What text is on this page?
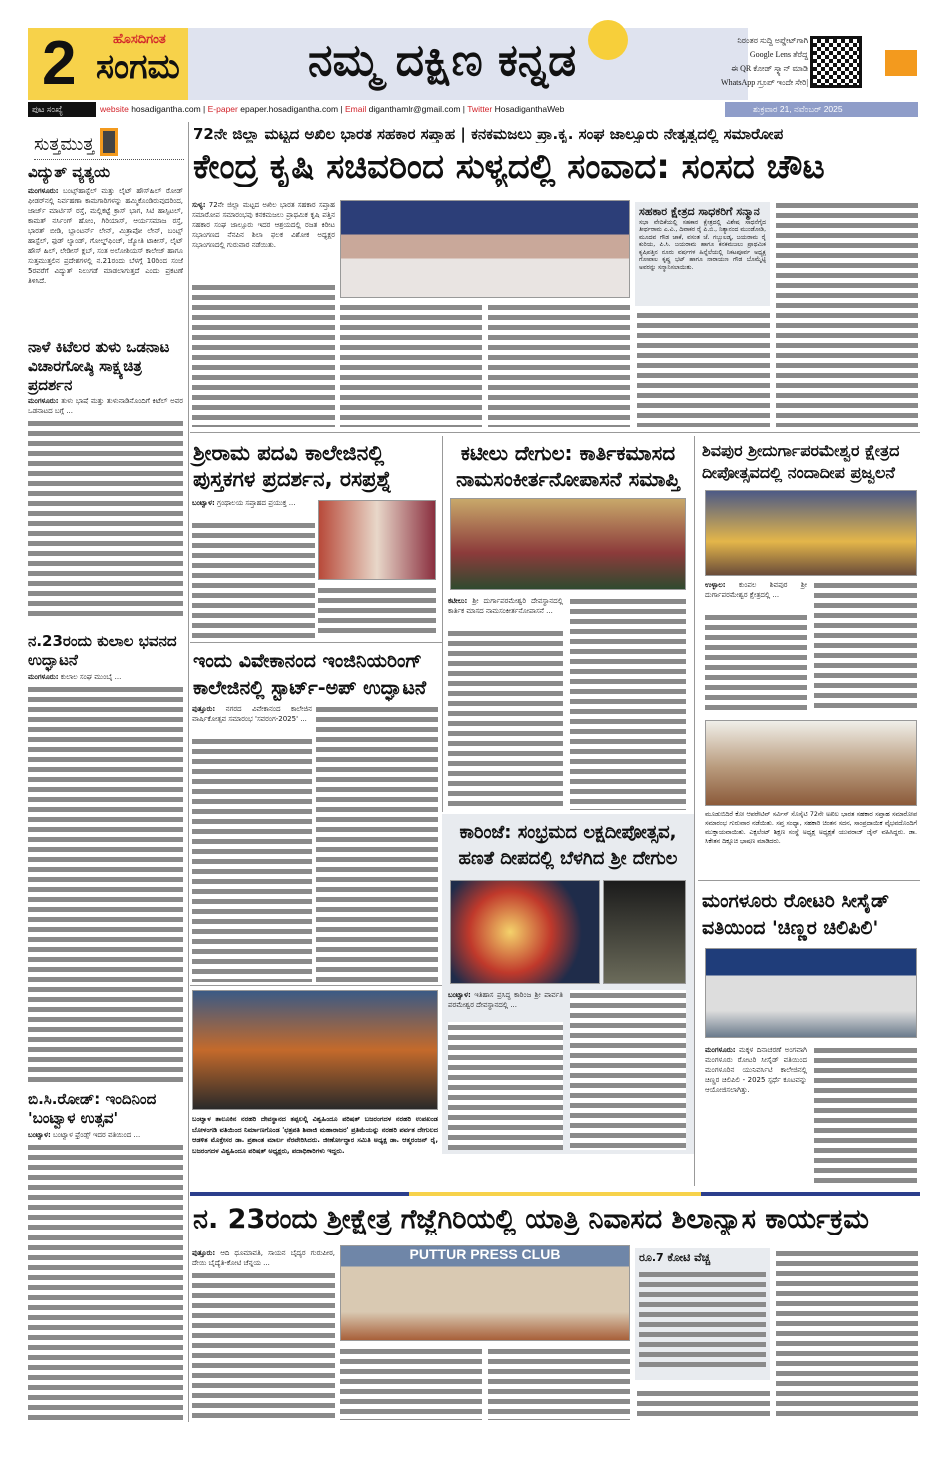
2	ಹೊಸದಿಗಂತ
ಸಂಗಮ	ನಮ್ಮ ದಕ್ಷಿಣ ಕನ್ನಡ	ನಿರಂತರ ಸುದ್ದಿ ಅಪ್ಡೇಟ್‌ಗಾಗಿ
Google Lens ತೆರೆದ್ದ
ಈ QR ಕೋಡ್ ಸ್ಕ್ಯಾನ್ ಮಾಡಿ
WhatsApp ಗ್ರೂಪ್ ಇಂದೇ ಸೇರಿ|
ಪುಟ ಸಂಖ್ಯೆ	website hosadigantha.com | E-paper epaper.hosadigantha.com | Email diganthamlr@gmail.com | Twitter HosadiganthaWeb	ಶುಕ್ರವಾರ 21, ನವೆಂಬರ್ 2025
ಸುತ್ತಮುತ್ತ
ವಿದ್ಯುತ್ ವ್ಯತ್ಯಯ
ಮಂಗಳೂರು: ಬಂಟ್ಸ್‌ಹಾಸ್ಟೆಲ್ ಮತ್ತು ಲೈಟ್ ಹೌಸ್‌ಹಿಲ್ ರೋಡ್ ಫೀಡರ್‌ನಲ್ಲಿ ನಿರ್ವಹಣಾ ಕಾಮಗಾರಿಗಳನ್ನು ಹಮ್ಮಿಕೊಂಡಿರುವುದರಿಂದ, ಜಾರ್ಜ್ ಮಾರ್ಟಿಸ್ ರಸ್ತೆ, ಮಲ್ಲಿಕಟ್ಟೆ ಕ್ರಾಸ್ ಭಾಗ, ಸಿಟಿ ಹಾಸ್ಪಿಟಲ್, ಕಾಮತ್ ನರ್ಸಿಂಗ್ ಹೋಂ, ಗಿರಿಯಾಸ್, ಆರ್ಯಸಮಾಜ ರಸ್ತೆ, ಭಾರತ್ ಬೀಡಿ, ಬ್ಲಾಂಟರ್ನ್ ಲೇನ್, ಮಿತ್ರಾಪೋ ಲೇನ್, ಬಂಟ್ಸ್ ಹಾಸ್ಟೆಲ್, ಫುಡ್ ಲ್ಯಾಂಡ್, ಗೋಲ್ಡ್‌ಫಿಂಚ್, ಜ್ಯೋತಿ ಟಾಕೀಸ್, ಲೈಟ್ ಹೌಸ್ ಹಿಲ್, ಲೇಡೀಸ್ ಕ್ಲಬ್, ಸಂತ ಅಲೋಶಿಯಸ್ ಕಾಲೇಜ್ ಹಾಗೂ ಸುತ್ತಮುತ್ತಲಿನ ಪ್ರದೇಶಗಳಲ್ಲಿ ನ.21ರಂದು ಬೆಳಗ್ಗೆ 10ರಿಂದ ಸಂಜೆ 5ರವರೆಗೆ ವಿದ್ಯುತ್ ನಿಲುಗಡೆ ಮಾಡಲಾಗುತ್ತದೆ ಎಂದು ಪ್ರಕಟಣೆ ತಿಳಿಸಿದೆ.
ನಾಳೆ ಕಿಟೆಲರ ತುಳು ಒಡನಾಟ ವಿಚಾರಗೋಷ್ಠಿ ಸಾಕ್ಷ್ಯಚಿತ್ರ ಪ್ರದರ್ಶನ
ಮಂಗಳೂರು: ತುಳು ಭಾಷೆ ಮತ್ತು ತುಳುನಾಡಿನೊಂದಿಗೆ ಕಿಟೆಲ್ ಅವರ ಒಡನಾಟದ ಬಗ್ಗೆ ...
ನ.23ರಂದು ಕುಲಾಲ ಭವನದ ಉದ್ಘಾಟನೆ
ಮಂಗಳೂರು: ಕುಲಾಲ ಸಂಘ ಮುಂಬೈ ...
ಬಿ.ಸಿ.ರೋಡ್: ಇಂದಿನಿಂದ 'ಬಂಟ್ವಾಳ ಉತ್ಸವ'
ಬಂಟ್ವಾಳ: ಬಂಟ್ವಾಳ ಫ್ರೆಂಡ್ಸ್ ಇದರ ವತಿಯಿಂದ ...
72ನೇ ಜಿಲ್ಲಾ ಮಟ್ಟದ ಅಖಿಲ ಭಾರತ ಸಹಕಾರ ಸಪ್ತಾಹ | ಕನಕಮಜಲು ಪ್ರಾ.ಕೃ. ಸಂಘ ಜಾಲ್ಸೂರು ನೇತೃತ್ವದಲ್ಲಿ ಸಮಾರೋಪ
ಕೇಂದ್ರ ಕೃಷಿ ಸಚಿವರಿಂದ ಸುಳ್ಯದಲ್ಲಿ ಸಂವಾದ: ಸಂಸದ ಚೌಟ
ಸುಳ್ಯ: 72ನೇ ಜಿಲ್ಲಾ ಮಟ್ಟದ ಅಖಿಲ ಭಾರತ ಸಹಕಾರ ಸಪ್ತಾಹ ಸಮಾರೋಪ ಸಮಾರಂಭವು ಕನಕಮಜಲು ಪ್ರಾಥಮಿಕ ಕೃಷಿ ಪತ್ತಿನ ಸಹಕಾರ ಸಂಘ ಜಾಲ್ಸೂರು ಇದರ ಆಶ್ರಯದಲ್ಲಿ ರಜತ ಕಿರೀಟ ಸಭಾಂಗಣದ ನೆನಪಿನ ಶಿಲಾ ಫಲಕ ವಿಶೋಕ ಅಧ್ಯಕ್ಷರ ಸಭಾಂಗಣದಲ್ಲಿ ಗುರುವಾರ ನಡೆಯಿತು.
ಸಹಕಾರ ಕ್ಷೇತ್ರದ ಸಾಧಕರಿಗೆ ಸನ್ಮಾನ
ಸಭಾ ವೇದಿಕೆಯಲ್ಲಿ ಸಹಕಾರ ಕ್ಷೇತ್ರದಲ್ಲಿ ವಿಶೇಷ ಸಾಧನೆಗೈದ ತೀರ್ಥರಾಮ ಎ.ವಿ., ದಿವಾಕರ ರೈ ಪಿ.ಬಿ., ನಿತ್ಯಾನಂದ ಮುಂಡೋಡಿ, ಮೂದವ ಗೌಡ ಜಾಕೆ, ವಸಂತ ಜೆ. ಗಬ್ಬುಲಡ್ಕ, ಜಯರಾಮ ರೈ ಕುರಿಯ, ಪಿ.ಸಿ. ಜಯರಾಮ ಹಾಗೂ ಕನಕಮಜಲು ಪ್ರಾಥಮಿಕ ಕೃಷಿಪತ್ತಿನ ನೂರು ವರ್ಷಗಳ ಹಿನ್ನೆಲೆಯಲ್ಲಿ ನಿಕಟಪೂರ್ವ ಅಧ್ಯಕ್ಷ ಗೋಪಾಲ ಕೃಷ್ಣ ಭಟ್ ಹಾಗೂ ನಾರಾಯಣ ಗೌಡ ಬೊಮ್ಮೆಟ್ಟಿ ಅವರನ್ನು ಸನ್ಮಾನಿಸಲಾಯಿತು.
ಶ್ರೀರಾಮ ಪದವಿ ಕಾಲೇಜಿನಲ್ಲಿ ಪುಸ್ತಕಗಳ ಪ್ರದರ್ಶನ, ರಸಪ್ರಶ್ನೆ
ಬಂಟ್ವಾಳ: ಗ್ರಂಥಾಲಯ ಸಪ್ತಾಹದ ಪ್ರಯುಕ್ತ ...
ಕಟೀಲು ದೇಗುಲ: ಕಾರ್ತಿಕಮಾಸದ ನಾಮಸಂಕೀರ್ತನೋಪಾಸನೆ ಸಮಾಪ್ತಿ
ಕಟೀಲು: ಶ್ರೀ ದುರ್ಗಾಪರಮೇಶ್ವರಿ ದೇವಸ್ಥಾನದಲ್ಲಿ ಕಾರ್ತಿಕ ಮಾಸದ ನಾಮಸಂಕೀರ್ತನೋಪಾಸನೆ ...
ಶಿವಪುರ ಶ್ರೀದುರ್ಗಾಪರಮೇಶ್ವರ ಕ್ಷೇತ್ರದ ದೀಪೋತ್ಸವದಲ್ಲಿ ನಂದಾದೀಪ ಪ್ರಜ್ವಲನೆ
ಉಳ್ಳಾಲ: ಕುಂಪಲ ಶಿವಪುರ ಶ್ರೀ ದುರ್ಗಾಪರಮೇಶ್ವರ ಕ್ಷೇತ್ರದಲ್ಲಿ ...
ಮೂಡುಬಿದಿರೆ ಕೋ ಆಪರೇಟಿವ್ ಸರ್ವಿಸ್ ಸೊಸೈಟಿ 72ನೇ ಅಖಿಲ ಭಾರತ ಸಹಕಾರ ಸಪ್ತಾಹ ಸಮಾರೋಪ ಸಮಾರಂಭ ಗುರುವಾರ ನಡೆಯಿತು. ಸಪ್ತ ಸಂಧ್ಯಾ, ಸಹಕಾರಿ ಚಿಂತನ ಸದನ, ಸಾಂಪ್ರದಾಯಿಕ ವೈಭವದೊಂದಿಗೆ ಮುಕ್ತಾಯವಾಯಿತು. ಎಕ್ಸಲೆಂಟ್ ಶಿಕ್ಷಣ ಸಂಸ್ಥೆ ಅಧ್ಯಕ್ಷ ಅಧ್ಯಕ್ಷತೆ ಯುವರಾಜ್ ಜೈನ್ ವಹಿಸಿದ್ದರು. ಡಾ. ಸಿಕೇತನ ದಿಕ್ಸೂಚಿ ಭಾಷಣ ಮಾಡಿದರು.
ಇಂದು ವಿವೇಕಾನಂದ ಇಂಜಿನಿಯರಿಂಗ್ ಕಾಲೇಜಿನಲ್ಲಿ ಸ್ಟಾರ್ಟ್-ಅಪ್ ಉದ್ಘಾಟನೆ
ಪುತ್ತೂರು: ನಗರದ ವಿವೇಕಾನಂದ ಕಾಲೇಜಿನ ವಾರ್ಷಿಕೋತ್ಸವ ಸಮಾರಂಭ 'ಸವರಂಗ-2025' ...
ಕಾರಿಂಜೆ: ಸಂಭ್ರಮದ ಲಕ್ಷದೀಪೋತ್ಸವ, ಹಣತೆ ದೀಪದಲ್ಲಿ ಬೆಳಗಿದ ಶ್ರೀ ದೇಗುಲ
ಬಂಟ್ವಾಳ: ಇತಿಹಾಸ ಪ್ರಸಿದ್ಧ ಕಾರಿಂಜ ಶ್ರೀ ಪಾರ್ವತಿ ಪರಮೇಶ್ವರ ದೇವಸ್ಥಾನದಲ್ಲಿ ...
ಬಂಟ್ವಾಳ ತಾಲೂಕಿನ ನರಹರಿ ದೇವಸ್ಥಾನದ ತಪ್ಪಲಲ್ಲಿ ವಿಶ್ವಹಿಂದೂ ಪರಿಷತ್ ಬಜರಂಗದಳ ನರಹರಿ ಉಪಖಂಡ ಬೋಳಂಗಡಿ ವತಿಯಿಂದ ನಿರ್ಮಾಣಗೊಂಡ 'ಛತ್ರಪತಿ ಶಿವಾಜಿ ಮಹಾರಾಜರ' ಪ್ರತಿಮೆಯನ್ನು ನರಹರಿ ಪರ್ವತ ದೇಗುಲದ ಆಡಳಿತ ಮೊಕ್ತೇಸರ ಡಾ. ಪ್ರಶಾಂತ ಮಾರ್ಲ ನೆರವೇರಿಸಿದರು. ಜೀರ್ಣೋದ್ಧಾರ ಸಮಿತಿ ಅಧ್ಯಕ್ಷ ಡಾ. ಆತ್ಮರಂಜನ್ ರೈ, ಬಜರಂಗದಳ ವಿಶ್ವಹಿಂದೂ ಪರಿಷತ್ ಅಧ್ಯಕ್ಷರು, ಪದಾಧಿಕಾರಿಗಳು ಇದ್ದರು.
ಮಂಗಳೂರು ರೋಟರಿ ಸೀಸೈಡ್ ವತಿಯಿಂದ 'ಚಿಣ್ಣರ ಚಿಲಿಪಿಲಿ'
ಮಂಗಳೂರು: ಮಕ್ಕಳ ದಿನಾಚರಣೆ ಅಂಗವಾಗಿ ಮಂಗಳೂರು ರೋಟರಿ ಸೀಸೈಡ್ ವತಿಯಿಂದ ಮಂಗಳೂರಿನ ಯುನಿವರ್ಸಿಟಿ ಕಾಲೇಜಿನಲ್ಲಿ ಚಿಣ್ಣರ ಚಿಲಿಪಿಲಿ - 2025 ಸ್ಪರ್ಧೆ ಕೂಟವನ್ನು ಆಯೋಜಿಸಲಾಗಿತ್ತು.
ನ. 23ರಂದು ಶ್ರೀಕ್ಷೇತ್ರ ಗೆಜ್ಜೆಗಿರಿಯಲ್ಲಿ ಯಾತ್ರಿ ನಿವಾಸದ ಶಿಲಾನ್ಯಾಸ ಕಾರ್ಯಕ್ರಮ
ಪುತ್ತೂರು: ಆದಿ ಧೂಮಾವತಿ, ಸಾಯನ ಬೈದ್ಯರ ಗುರುಪೀಠ, ದೇಯಿ ಬೈದ್ಯೆತಿ-ಕೋಟಿ ಚೆನ್ನಯ ...
PUTTUR PRESS CLUB	ರೂ.7 ಕೋಟಿ ವೆಚ್ಚ
